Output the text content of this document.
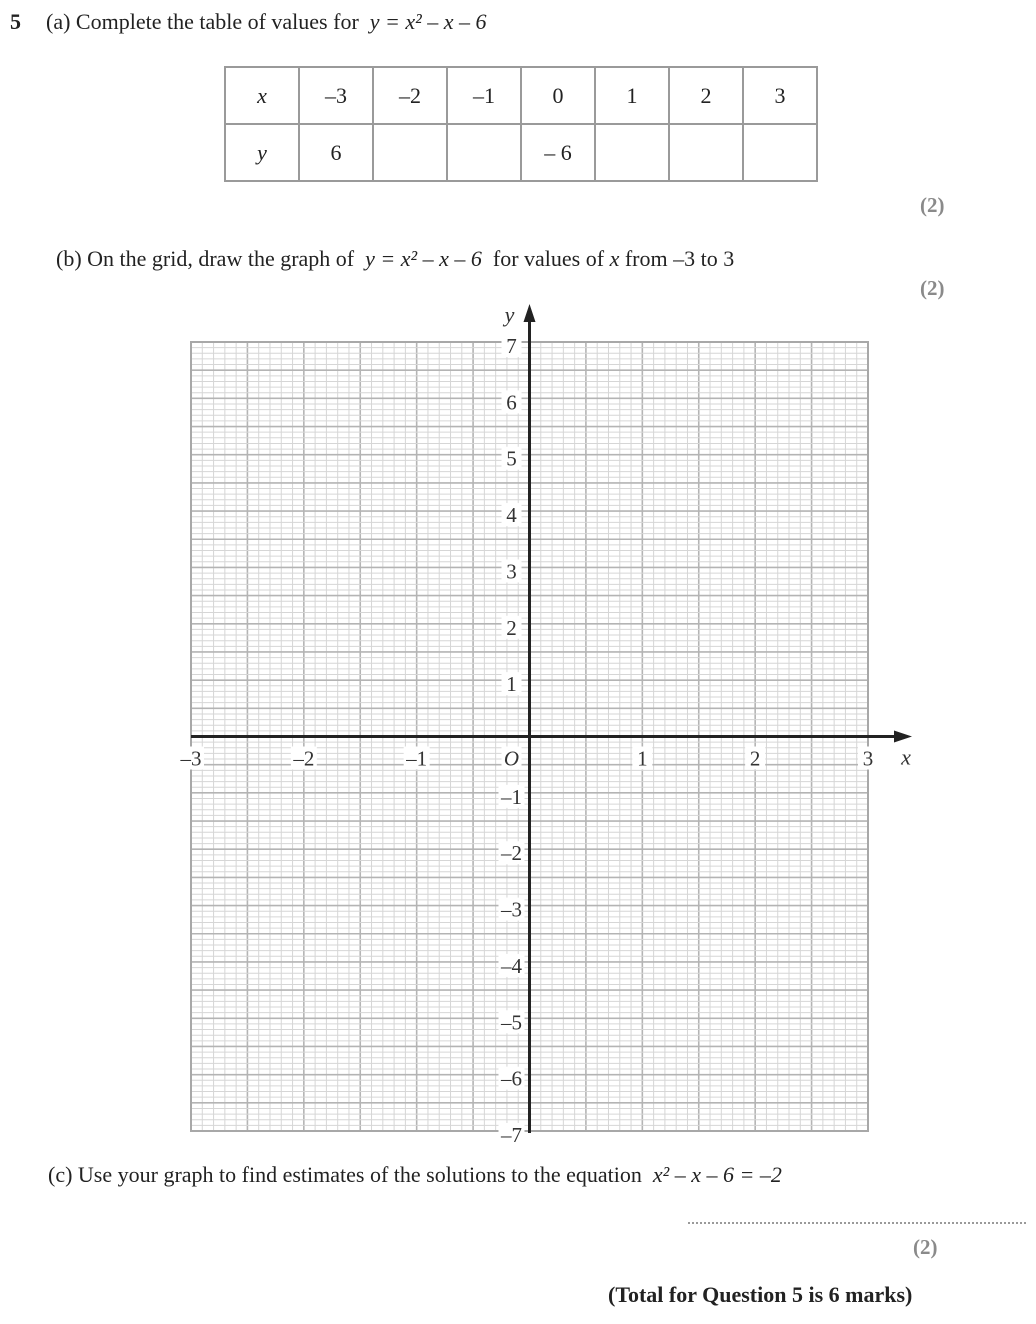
5 (a) Complete the table of values for y = x² – x – 6
x	–3	–2	–1	0	1	2	3
y	6			– 6			
(2)
(b) On the grid, draw the graph of y = x² – x – 6 for values of x from –3 to 3
(2)
–3	–2	–1	1	2	3
7
6
5
4
3
2
1
–1
–2
–3
–4
–5
–6
–7
O	x
y
(c) Use your graph to find estimates of the solutions to the equation x² – x – 6 = –2
(2)
(Total for Question 5 is 6 marks)
